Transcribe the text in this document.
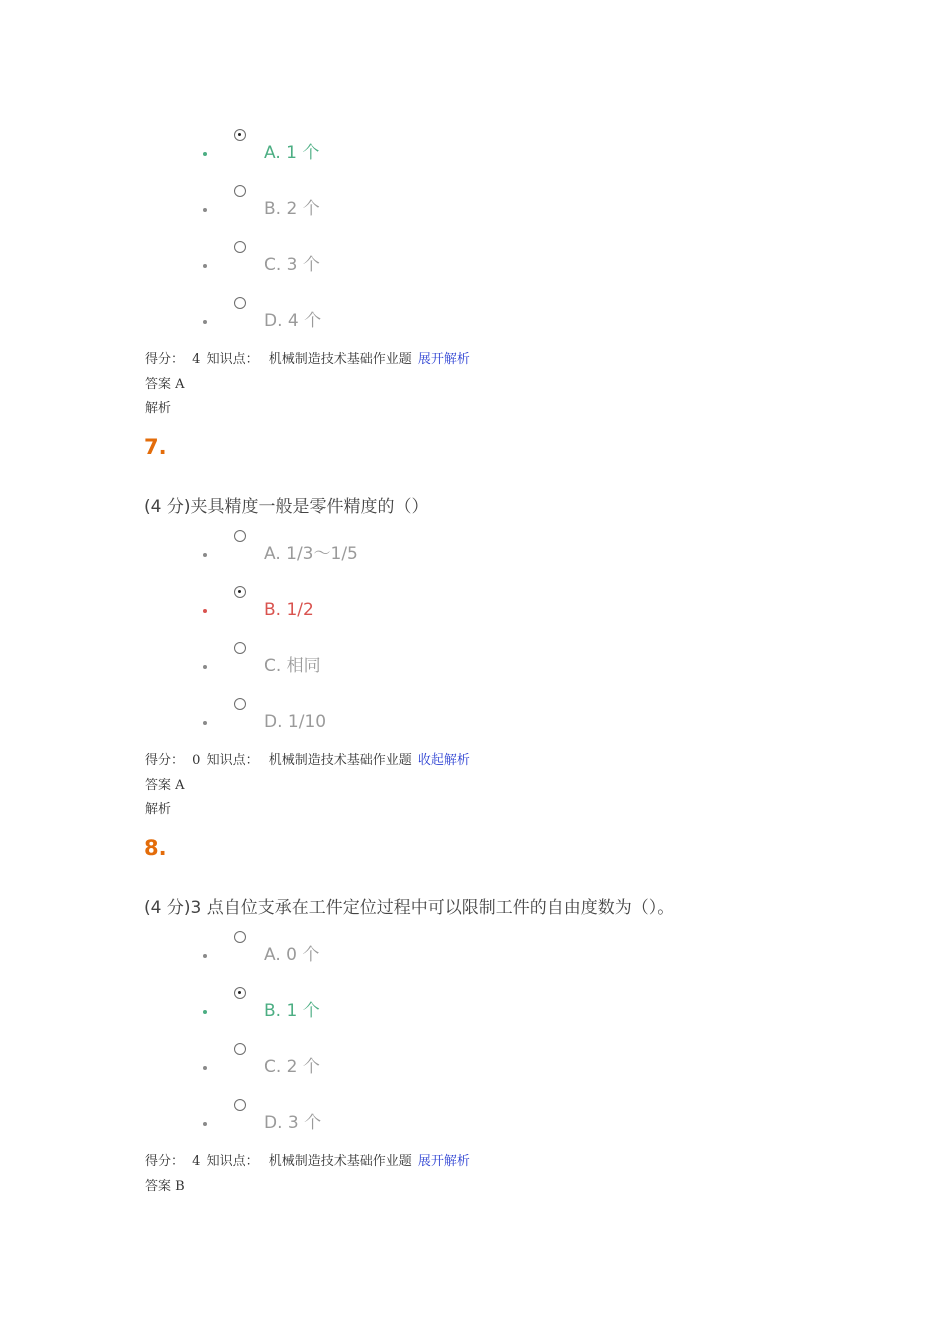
A. 1 个
B. 2 个
C. 3 个
D. 4 个
得分： 4 知识点： 机械制造技术基础作业题 展开解析
答案 A
解析
7.
(4 分)夹具精度一般是零件精度的（）
A. 1/3～1/5
B. 1/2
C. 相同
D. 1/10
得分： 0 知识点： 机械制造技术基础作业题 收起解析
答案 A
解析
8.
(4 分)3 点自位支承在工件定位过程中可以限制工件的自由度数为（）。
A. 0 个
B. 1 个
C. 2 个
D. 3 个
得分： 4 知识点： 机械制造技术基础作业题 展开解析
答案 B
